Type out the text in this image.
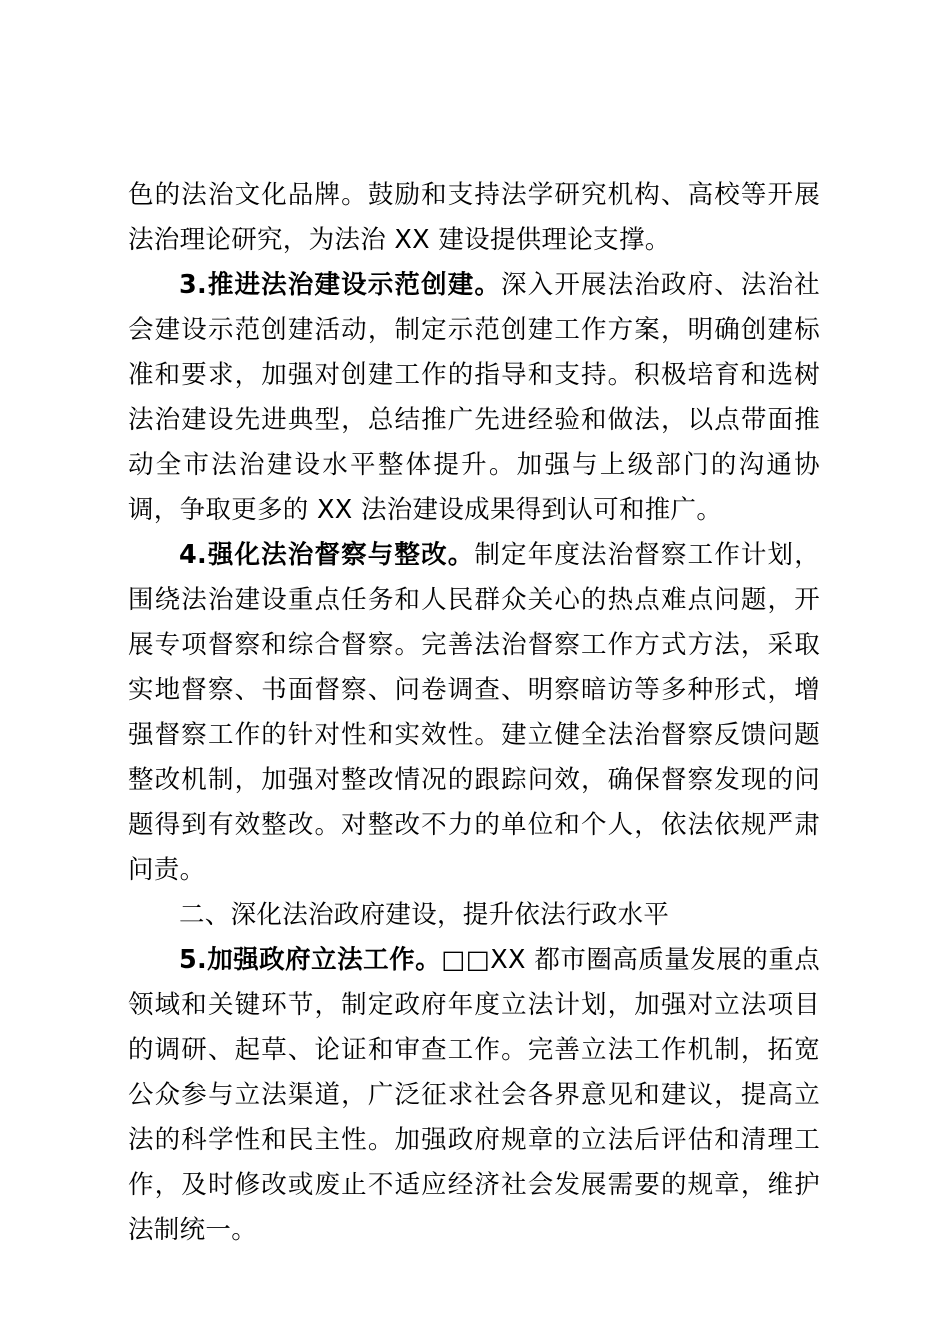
色的法治文化品牌。鼓励和支持法学研究机构、高校等开展法治理论研究，为法治 XX 建设提供理论支撑。

3.推进法治建设示范创建。深入开展法治政府、法治社会建设示范创建活动，制定示范创建工作方案，明确创建标准和要求，加强对创建工作的指导和支持。积极培育和选树法治建设先进典型，总结推广先进经验和做法，以点带面推动全市法治建设水平整体提升。加强与上级部门的沟通协调，争取更多的 XX 法治建设成果得到认可和推广。

4.强化法治督察与整改。制定年度法治督察工作计划，围绕法治建设重点任务和人民群众关心的热点难点问题，开展专项督察和综合督察。完善法治督察工作方式方法，采取实地督察、书面督察、问卷调查、明察暗访等多种形式，增强督察工作的针对性和实效性。建立健全法治督察反馈问题整改机制，加强对整改情况的跟踪问效，确保督察发现的问题得到有效整改。对整改不力的单位和个人，依法依规严肃问责。

二、深化法治政府建设，提升依法行政水平

5.加强政府立法工作。□□XX 都市圈高质量发展的重点领域和关键环节，制定政府年度立法计划，加强对立法项目的调研、起草、论证和审查工作。完善立法工作机制，拓宽公众参与立法渠道，广泛征求社会各界意见和建议，提高立法的科学性和民主性。加强政府规章的立法后评估和清理工作，及时修改或废止不适应经济社会发展需要的规章，维护法制统一。
